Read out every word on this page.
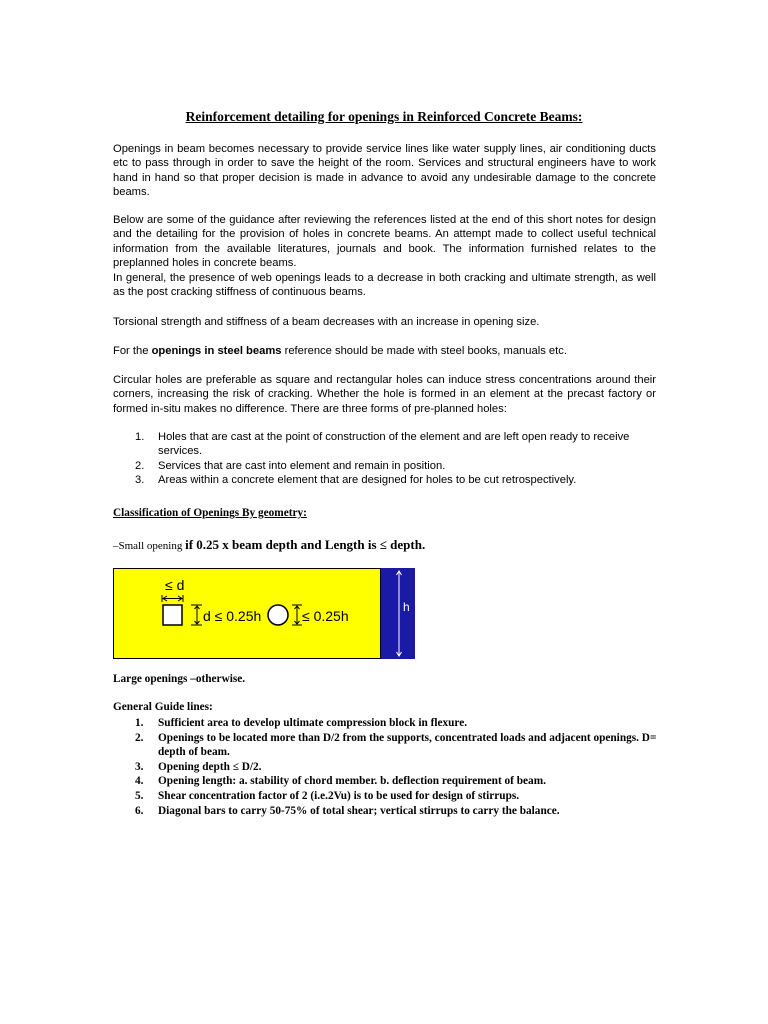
Reinforcement detailing for openings in Reinforced Concrete Beams:

Openings in beam becomes necessary to provide service lines like water supply lines, air conditioning ducts etc to pass through in order to save the height of the room. Services and structural engineers have to work hand in hand so that proper decision is made in advance to avoid any undesirable damage to the concrete beams.

Below are some of the guidance after reviewing the references listed at the end of this short notes for design and the detailing for the provision of holes in concrete beams. An attempt made to collect useful technical information from the available literatures, journals and book. The information furnished relates to the preplanned holes in concrete beams.

In general, the presence of web openings leads to a decrease in both cracking and ultimate strength, as well as the post cracking stiffness of continuous beams.

Torsional strength and stiffness of a beam decreases with an increase in opening size.

For the openings in steel beams reference should be made with steel books, manuals etc.

Circular holes are preferable as square and rectangular holes can induce stress concentrations around their corners, increasing the risk of cracking. Whether the hole is formed in an element at the precast factory or formed in-situ makes no difference. There are three forms of pre-planned holes:

1. Holes that are cast at the point of construction of the element and are left open ready to receive services.
2. Services that are cast into element and remain in position.
3. Areas within a concrete element that are designed for holes to be cut retrospectively.

Classification of Openings By geometry:

–Small opening if 0.25 x beam depth and Length is ≤ depth.
≤ d
d ≤ 0.25h	≤ 0.25h
h

Large openings –otherwise.

General Guide lines:

1. Sufficient area to develop ultimate compression block in flexure.
2. Openings to be located more than D/2 from the supports, concentrated loads and adjacent openings. D= depth of beam.
3. Opening depth ≤ D/2.
4. Opening length: a. stability of chord member. b. deflection requirement of beam.
5. Shear concentration factor of 2 (i.e.2Vu) is to be used for design of stirrups.
6. Diagonal bars to carry 50-75% of total shear; vertical stirrups to carry the balance.
